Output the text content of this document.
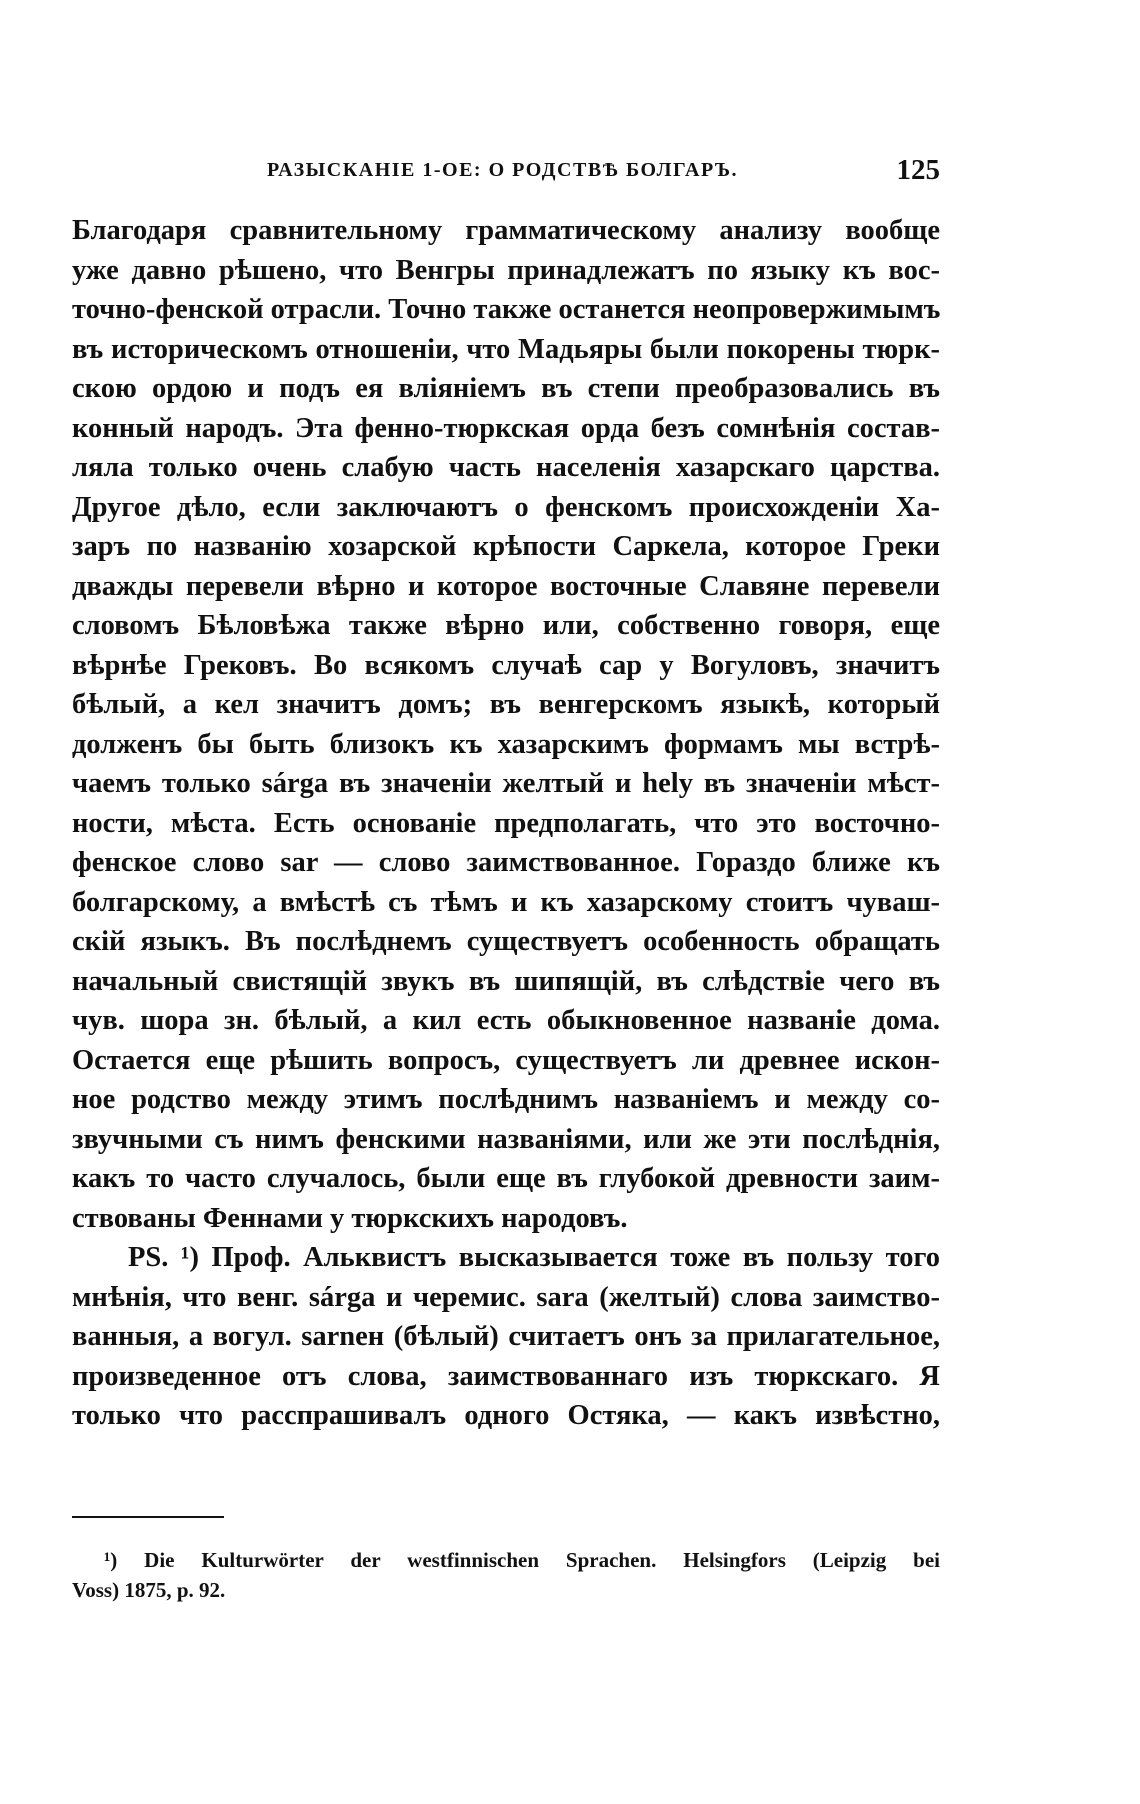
РАЗЫСКАНІЕ 1-ОЕ: О РОДСТВѢ БОЛГАРЪ.	125
Благодаря сравнительному грамматическому анализу вообще
уже давно рѣшено, что Венгры принадлежатъ по языку къ вос-
точно-фенской отрасли. Точно также останется неопровержимымъ
въ историческомъ отношеніи, что Мадьяры были покорены тюрк-
скою ордою и подъ ея вліяніемъ въ степи преобразовались въ
конный народъ. Эта фенно-тюркская орда безъ сомнѣнія состав-
ляла только очень слабую часть населенія хазарскаго царства.
Другое дѣло, если заключаютъ о фенскомъ происхожденіи Ха-
заръ по названію хозарской крѣпости Саркела, которое Греки
дважды перевели вѣрно и которое восточные Славяне перевели
словомъ Бѣловѣжа также вѣрно или, собственно говоря, еще
вѣрнѣе Грековъ. Во всякомъ случаѣ сар у Вогуловъ, значитъ
бѣлый, а кел значитъ домъ; въ венгерскомъ языкѣ, который
долженъ бы быть близокъ къ хазарскимъ формамъ мы встрѣ-
чаемъ только sárga въ значеніи желтый и hely въ значеніи мѣст-
ности, мѣста. Есть основаніе предполагать, что это восточно-
фенское слово sar — слово заимствованное. Гораздо ближе къ
болгарскому, а вмѣстѣ съ тѣмъ и къ хазарскому стоитъ чуваш-
скій языкъ. Въ послѣднемъ существуетъ особенность обращать
начальный свистящій звукъ въ шипящій, въ слѣдствіе чего въ
чув. шора зн. бѣлый, а кил есть обыкновенное названіе дома.
Остается еще рѣшить вопросъ, существуетъ ли древнее искон-
ное родство между этимъ послѣднимъ названіемъ и между со-
звучными съ нимъ фенскими названіями, или же эти послѣднія,
какъ то часто случалось, были еще въ глубокой древности заим-
ствованы Феннами у тюркскихъ народовъ.
PS. ¹) Проф. Альквистъ высказывается тоже въ пользу того
мнѣнія, что венг. sárga и черемис. sara (желтый) слова заимство-
ванныя, а вогул. sarnен (бѣлый) считаетъ онъ за прилагательное,
произведенное отъ слова, заимствованнаго изъ тюркскаго. Я
только что расспрашивалъ одного Остяка, — какъ извѣстно,
¹) Die Kulturwörter der westfinnischen Sprachen. Helsingfors (Leipzig bei
Voss) 1875, p. 92.
